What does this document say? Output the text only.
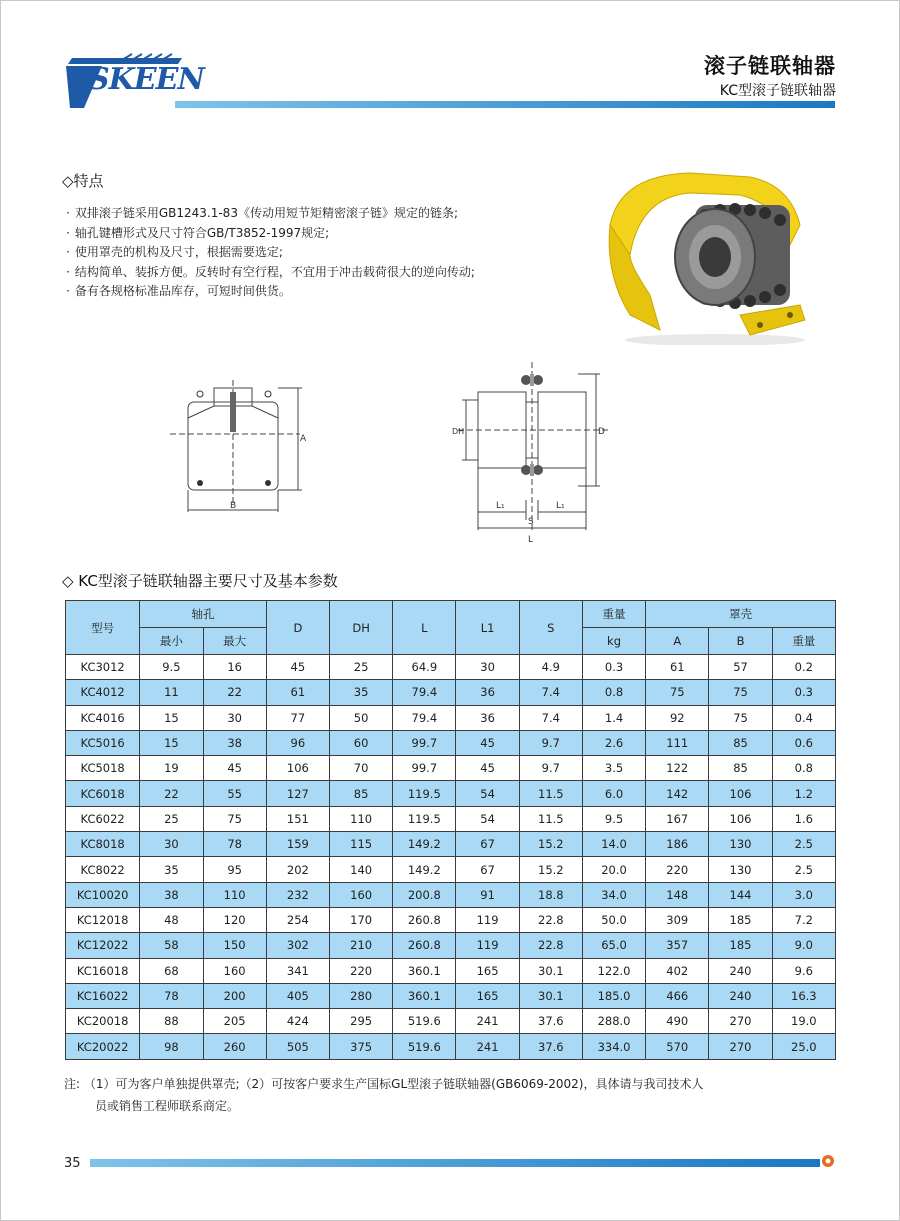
SKEEN	滚子链联轴器
KC型滚子链联轴器
◇特点
· 双排滚子链采用GB1243.1-83《传动用短节矩精密滚子链》规定的链条;
· 轴孔键槽形式及尺寸符合GB/T3852-1997规定;
· 使用罩壳的机构及尺寸，根据需要选定;
· 结构简单、装拆方便。反转时有空行程，不宜用于冲击载荷很大的逆向传动;
· 备有各规格标准品库存，可短时间供货。
A
B
DH	D
L₁	L₁
S
L
◇ KC型滚子链联轴器主要尺寸及基本参数
型号	轴孔		D	DH	L	L1	S	重量	罩壳		
	最小	最大						kg	A	B	重量
KC3012	9.5	16	45	25	64.9	30	4.9	0.3	61	57	0.2
KC4012	11	22	61	35	79.4	36	7.4	0.8	75	75	0.3
KC4016	15	30	77	50	79.4	36	7.4	1.4	92	75	0.4
KC5016	15	38	96	60	99.7	45	9.7	2.6	111	85	0.6
KC5018	19	45	106	70	99.7	45	9.7	3.5	122	85	0.8
KC6018	22	55	127	85	119.5	54	11.5	6.0	142	106	1.2
KC6022	25	75	151	110	119.5	54	11.5	9.5	167	106	1.6
KC8018	30	78	159	115	149.2	67	15.2	14.0	186	130	2.5
KC8022	35	95	202	140	149.2	67	15.2	20.0	220	130	2.5
KC10020	38	110	232	160	200.8	91	18.8	34.0	148	144	3.0
KC12018	48	120	254	170	260.8	119	22.8	50.0	309	185	7.2
KC12022	58	150	302	210	260.8	119	22.8	65.0	357	185	9.0
KC16018	68	160	341	220	360.1	165	30.1	122.0	402	240	9.6
KC16022	78	200	405	280	360.1	165	30.1	185.0	466	240	16.3
KC20018	88	205	424	295	519.6	241	37.6	288.0	490	270	19.0
KC20022	98	260	505	375	519.6	241	37.6	334.0	570	270	25.0
注: （1）可为客户单独提供罩壳;（2）可按客户要求生产国标GL型滚子链联轴器(GB6069-2002)，具体请与我司技术人
员或销售工程师联系商定。
35
